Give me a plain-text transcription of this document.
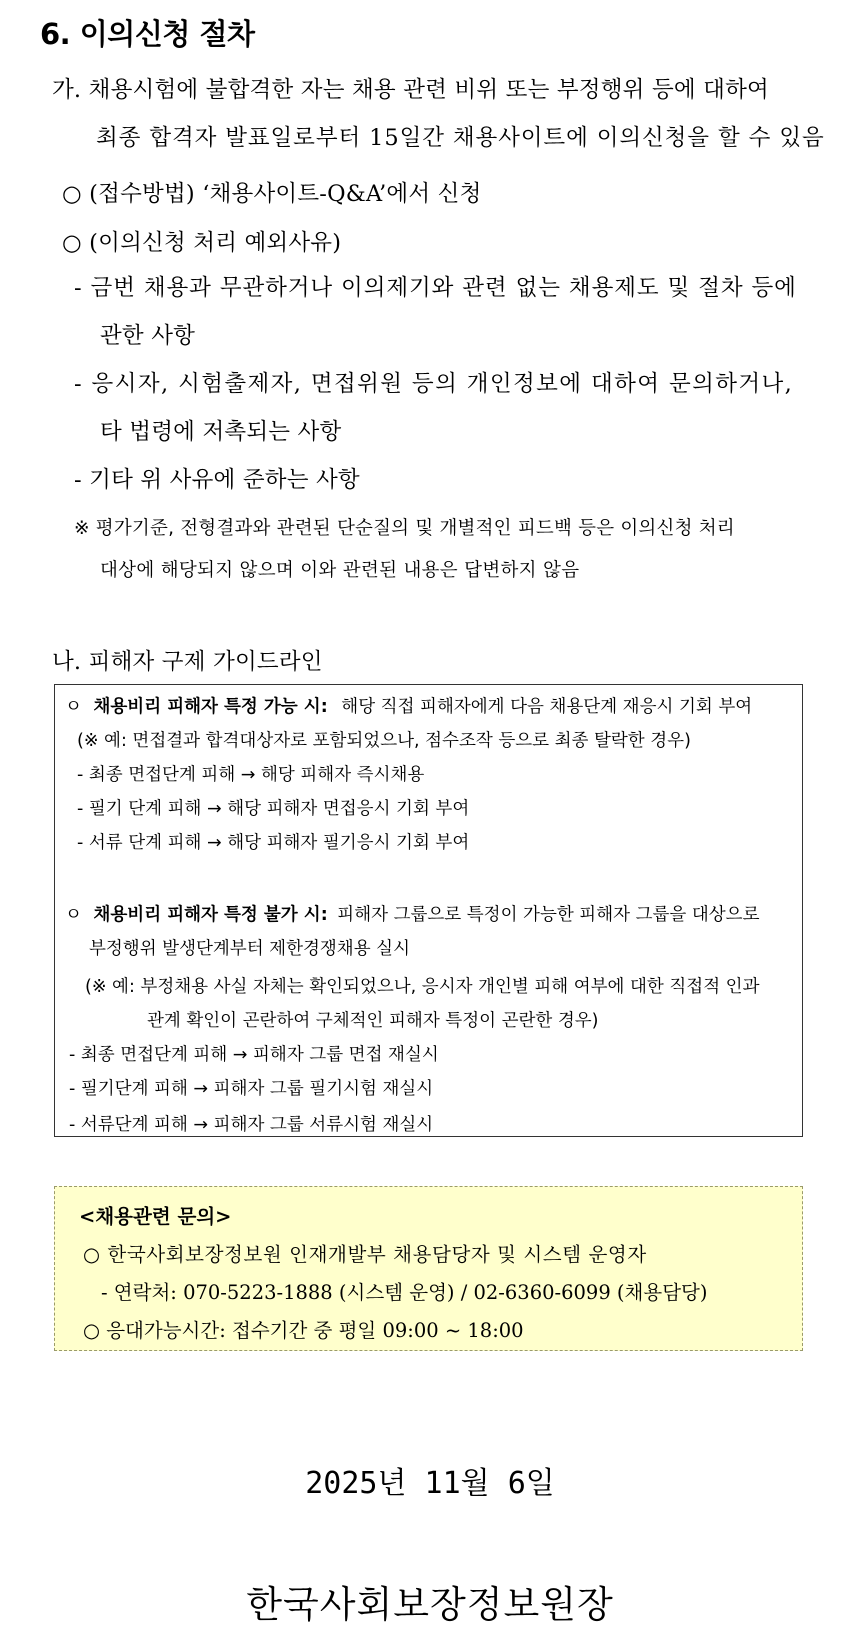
6. 이의신청 절차
가. 채용시험에 불합격한 자는 채용 관련 비위 또는 부정행위 등에 대하여
최종 합격자 발표일로부터 15일간 채용사이트에 이의신청을 할 수 있음
○ (접수방법) ‘채용사이트-Q&A’에서 신청
○ (이의신청 처리 예외사유)
- 금번 채용과 무관하거나 이의제기와 관련 없는 채용제도 및 절차 등에
관한 사항
- 응시자, 시험출제자, 면접위원 등의 개인정보에 대하여 문의하거나,
타 법령에 저촉되는 사항
- 기타 위 사유에 준하는 사항
※ 평가기준, 전형결과와 관련된 단순질의 및 개별적인 피드백 등은 이의신청 처리
대상에 해당되지 않으며 이와 관련된 내용은 답변하지 않음
나. 피해자 구제 가이드라인
ㅇ 채용비리 피해자 특정 가능 시: 해당 직접 피해자에게 다음 채용단계 재응시 기회 부여
(※ 예: 면접결과 합격대상자로 포함되었으나, 점수조작 등으로 최종 탈락한 경우)
- 최종 면접단계 피해 → 해당 피해자 즉시채용
- 필기 단계 피해 → 해당 피해자 면접응시 기회 부여
- 서류 단계 피해 → 해당 피해자 필기응시 기회 부여
ㅇ 채용비리 피해자 특정 불가 시: 피해자 그룹으로 특정이 가능한 피해자 그룹을 대상으로
부정행위 발생단계부터 제한경쟁채용 실시
(※ 예: 부정채용 사실 자체는 확인되었으나, 응시자 개인별 피해 여부에 대한 직접적 인과
관계 확인이 곤란하여 구체적인 피해자 특정이 곤란한 경우)
- 최종 면접단계 피해 → 피해자 그룹 면접 재실시
- 필기단계 피해 → 피해자 그룹 필기시험 재실시
- 서류단계 피해 → 피해자 그룹 서류시험 재실시
<채용관련 문의>
○ 한국사회보장정보원 인재개발부 채용담당자 및 시스템 운영자
- 연락처: 070-5223-1888 (시스템 운영) / 02-6360-6099 (채용담당)
○ 응대가능시간: 접수기간 중 평일 09:00 ~ 18:00
2025년 11월 6일
한국사회보장정보원장
